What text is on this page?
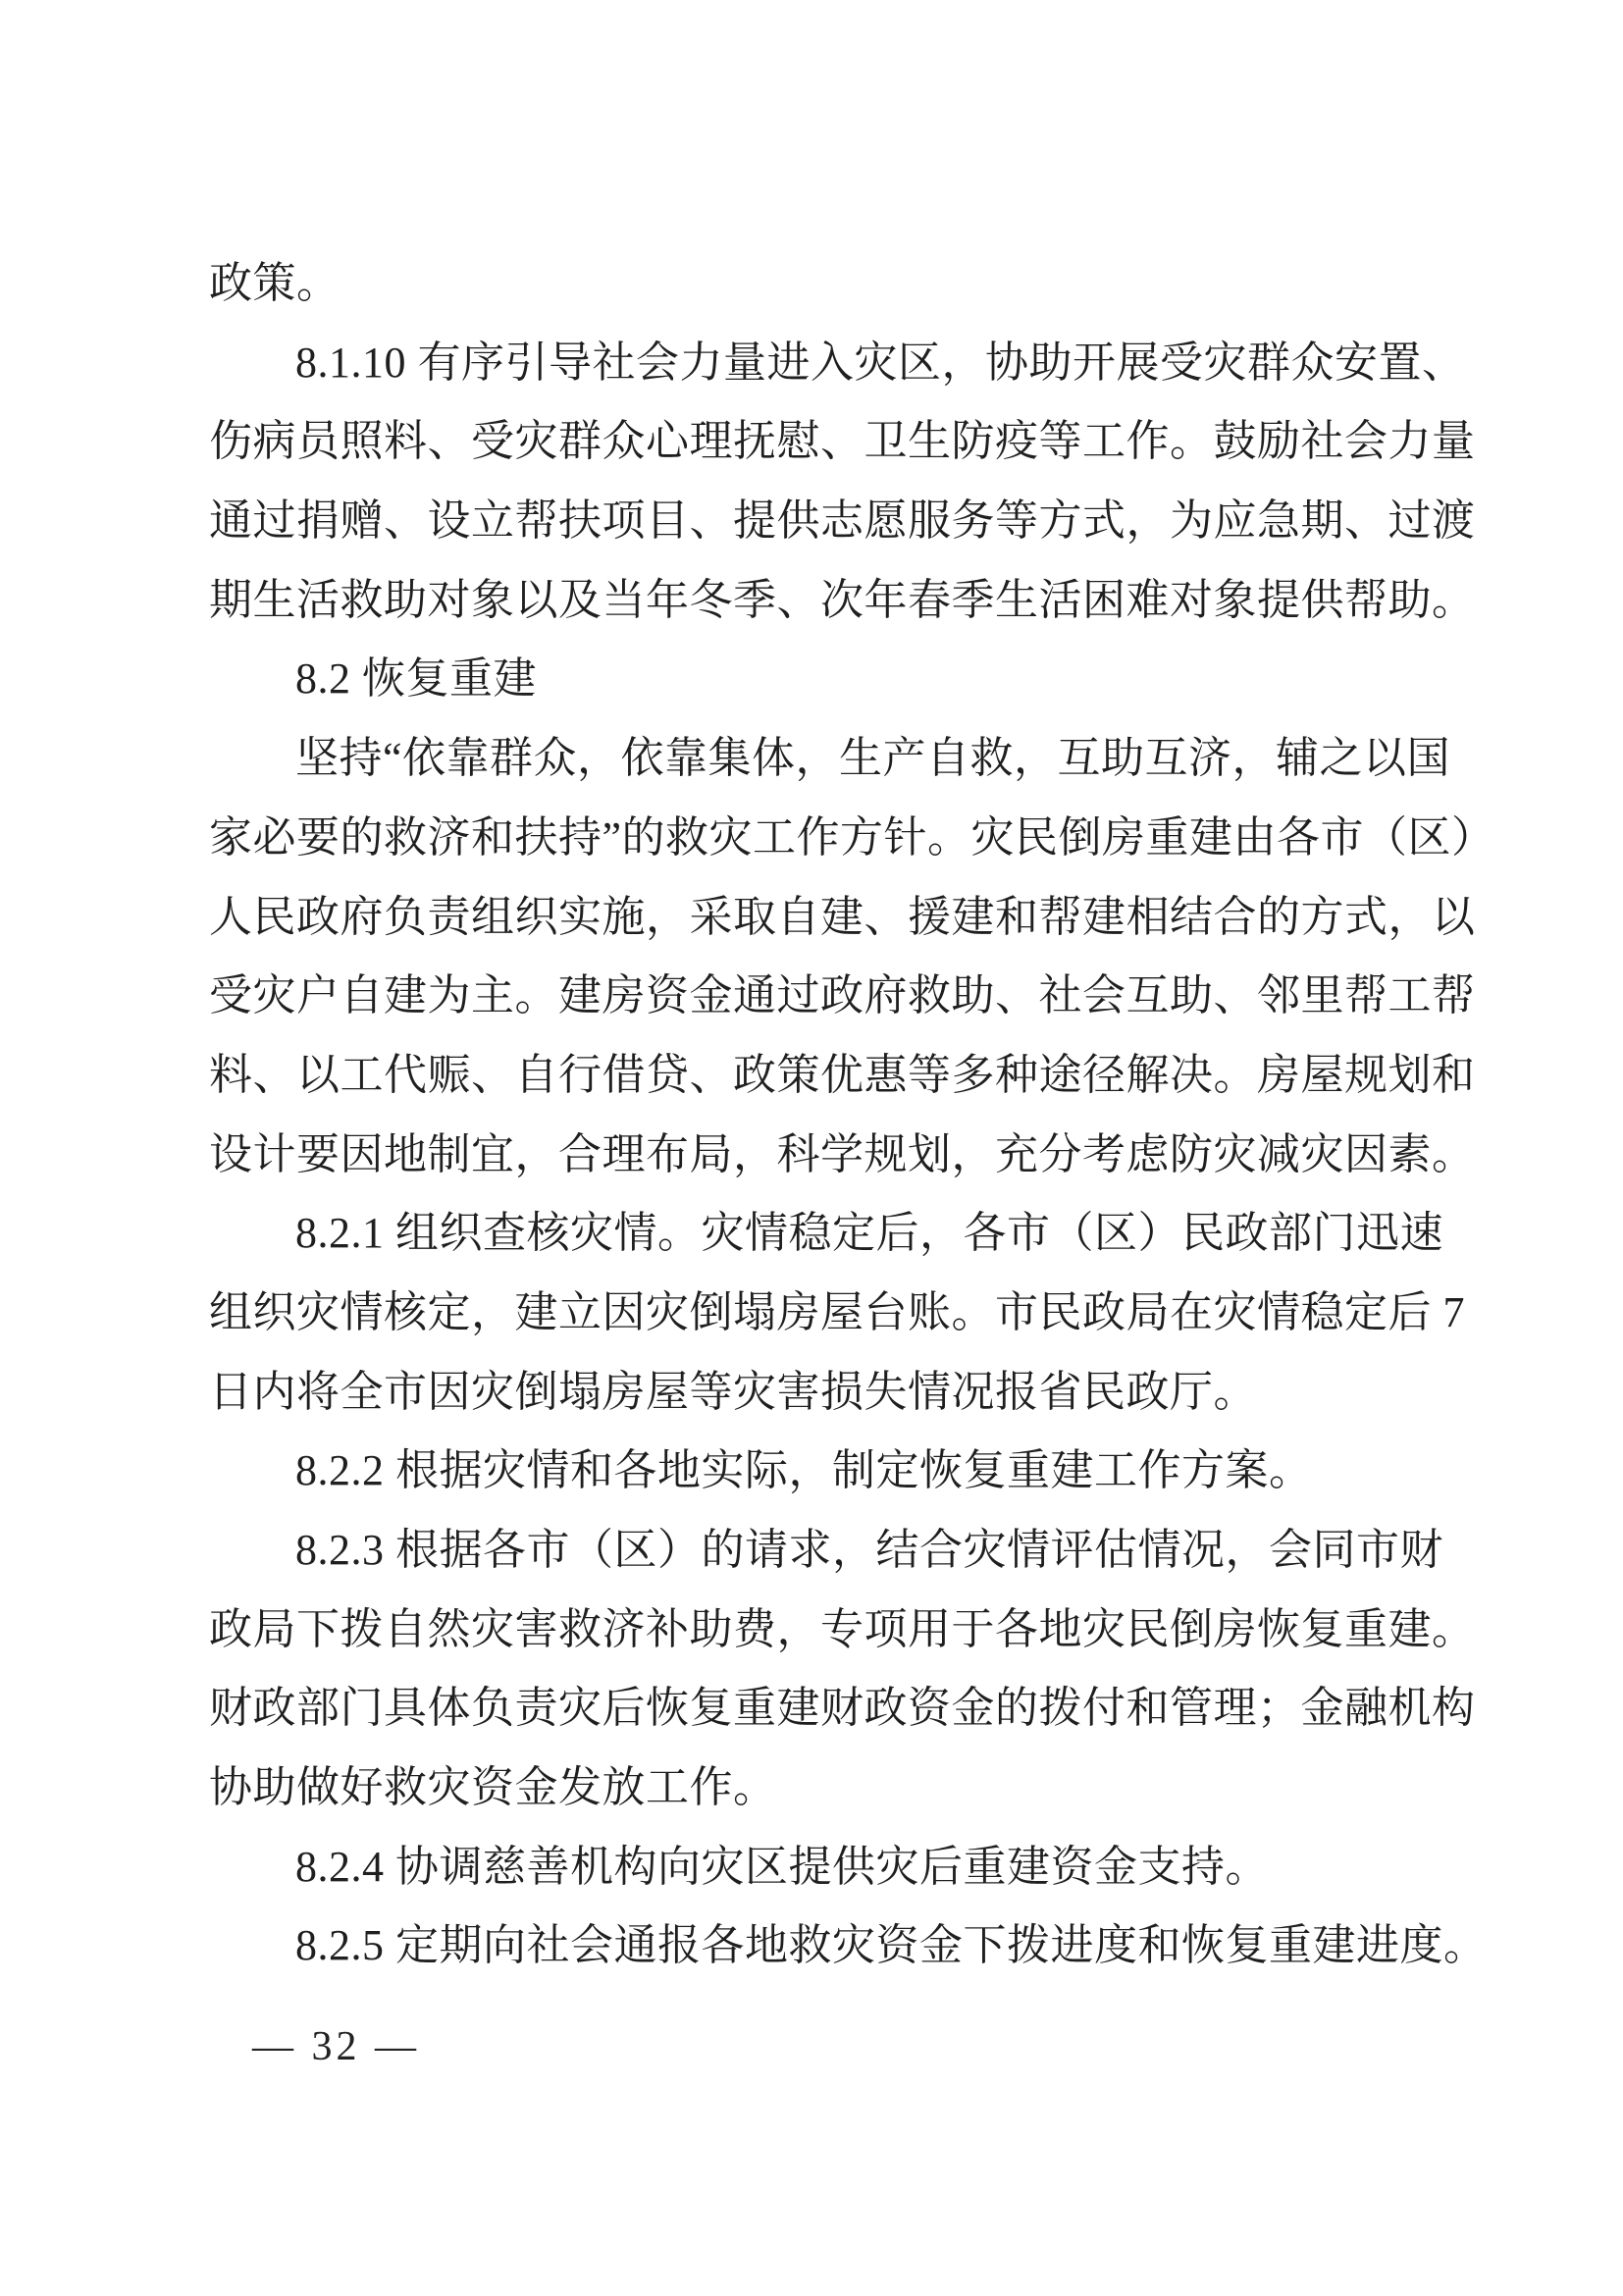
政策。
8.1.10 有序引导社会力量进入灾区，协助开展受灾群众安置、
伤病员照料、受灾群众心理抚慰、卫生防疫等工作。鼓励社会力量
通过捐赠、设立帮扶项目、提供志愿服务等方式，为应急期、过渡
期生活救助对象以及当年冬季、次年春季生活困难对象提供帮助。
8.2 恢复重建
坚持“依靠群众，依靠集体，生产自救，互助互济，辅之以国
家必要的救济和扶持”的救灾工作方针。灾民倒房重建由各市（区）
人民政府负责组织实施，采取自建、援建和帮建相结合的方式，以
受灾户自建为主。建房资金通过政府救助、社会互助、邻里帮工帮
料、以工代赈、自行借贷、政策优惠等多种途径解决。房屋规划和
设计要因地制宜，合理布局，科学规划，充分考虑防灾减灾因素。
8.2.1 组织查核灾情。灾情稳定后，各市（区）民政部门迅速
组织灾情核定，建立因灾倒塌房屋台账。市民政局在灾情稳定后 7
日内将全市因灾倒塌房屋等灾害损失情况报省民政厅。
8.2.2 根据灾情和各地实际，制定恢复重建工作方案。
8.2.3 根据各市（区）的请求，结合灾情评估情况，会同市财
政局下拨自然灾害救济补助费，专项用于各地灾民倒房恢复重建。
财政部门具体负责灾后恢复重建财政资金的拨付和管理；金融机构
协助做好救灾资金发放工作。
8.2.4 协调慈善机构向灾区提供灾后重建资金支持。
8.2.5 定期向社会通报各地救灾资金下拨进度和恢复重建进度。
— 32 —
